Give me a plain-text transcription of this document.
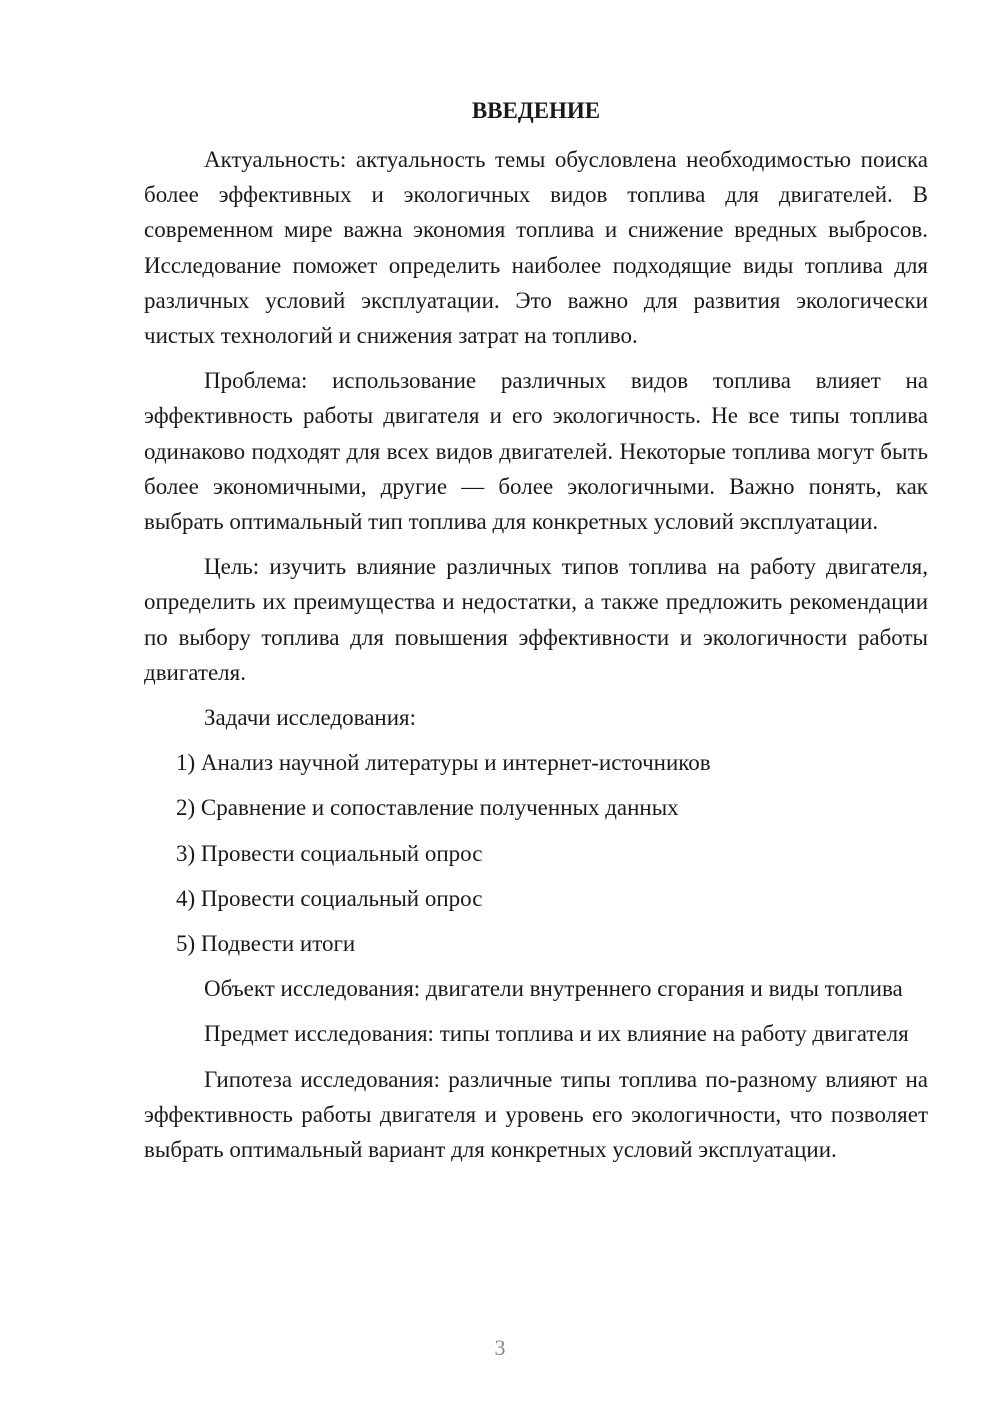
ВВЕДЕНИЕ

Актуальность: актуальность темы обусловлена необходимостью поиска более эффективных и экологичных видов топлива для двигателей. В современном мире важна экономия топлива и снижение вредных выбросов. Исследование поможет определить наиболее подходящие виды топлива для различных условий эксплуатации. Это важно для развития экологически чистых технологий и снижения затрат на топливо.

Проблема: использование различных видов топлива влияет на эффективность работы двигателя и его экологичность. Не все типы топлива одинаково подходят для всех видов двигателей. Некоторые топлива могут быть более экономичными, другие — более экологичными. Важно понять, как выбрать оптимальный тип топлива для конкретных условий эксплуатации.

Цель: изучить влияние различных типов топлива на работу двигателя, определить их преимущества и недостатки, а также предложить рекомендации по выбору топлива для повышения эффективности и экологичности работы двигателя.

Задачи исследования:

1) Анализ научной литературы и интернет-источников
2) Сравнение и сопоставление полученных данных
3) Провести социальный опрос
4) Провести социальный опрос
5) Подвести итоги

Объект исследования: двигатели внутреннего сгорания и виды топлива

Предмет исследования: типы топлива и их влияние на работу двигателя

Гипотеза исследования: различные типы топлива по-разному влияют на эффективность работы двигателя и уровень его экологичности, что позволяет выбрать оптимальный вариант для конкретных условий эксплуатации.

3
